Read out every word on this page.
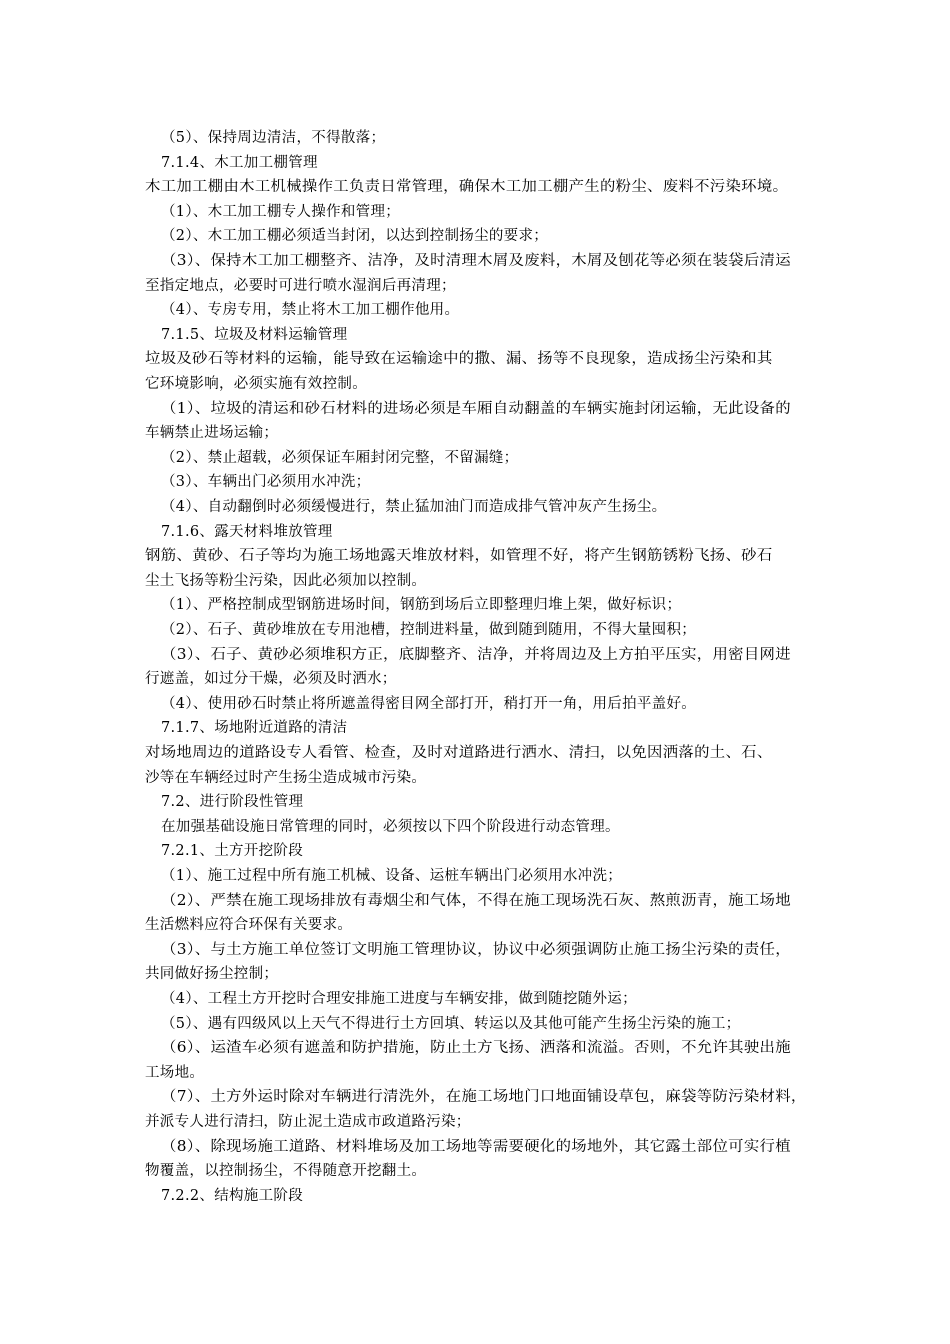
（5）、保持周边清洁，不得散落；
7.1.4、木工加工棚管理
木工加工棚由木工机械操作工负责日常管理，确保木工加工棚产生的粉尘、废料不污染环境。
（1）、木工加工棚专人操作和管理；
（2）、木工加工棚必须适当封闭，以达到控制扬尘的要求；
（3）、保持木工加工棚整齐、洁净，及时清理木屑及废料，木屑及刨花等必须在装袋后清运
至指定地点，必要时可进行喷水湿润后再清理；
（4）、专房专用，禁止将木工加工棚作他用。
7.1.5、垃圾及材料运输管理
垃圾及砂石等材料的运输，能导致在运输途中的撒、漏、扬等不良现象，造成扬尘污染和其
它环境影响，必须实施有效控制。
（1）、垃圾的清运和砂石材料的进场必须是车厢自动翻盖的车辆实施封闭运输，无此设备的
车辆禁止进场运输；
（2）、禁止超载，必须保证车厢封闭完整，不留漏缝；
（3）、车辆出门必须用水冲洗；
（4）、自动翻倒时必须缓慢进行，禁止猛加油门而造成排气管冲灰产生扬尘。
7.1.6、露天材料堆放管理
钢筋、黄砂、石子等均为施工场地露天堆放材料，如管理不好，将产生钢筋锈粉飞扬、砂石
尘土飞扬等粉尘污染，因此必须加以控制。
（1）、严格控制成型钢筋进场时间，钢筋到场后立即整理归堆上架，做好标识；
（2）、石子、黄砂堆放在专用池槽，控制进料量，做到随到随用，不得大量囤积；
（3）、石子、黄砂必须堆积方正，底脚整齐、洁净，并将周边及上方拍平压实，用密目网进
行遮盖，如过分干燥，必须及时洒水；
（4）、使用砂石时禁止将所遮盖得密目网全部打开，稍打开一角，用后拍平盖好。
7.1.7、场地附近道路的清洁
对场地周边的道路设专人看管、检查，及时对道路进行洒水、清扫，以免因洒落的土、石、
沙等在车辆经过时产生扬尘造成城市污染。
7.2、进行阶段性管理
在加强基础设施日常管理的同时，必须按以下四个阶段进行动态管理。
7.2.1、土方开挖阶段
（1）、施工过程中所有施工机械、设备、运桩车辆出门必须用水冲洗；
（2）、严禁在施工现场排放有毒烟尘和气体，不得在施工现场洗石灰、熬煎沥青，施工场地
生活燃料应符合环保有关要求。
（3）、与土方施工单位签订文明施工管理协议，协议中必须强调防止施工扬尘污染的责任，
共同做好扬尘控制；
（4）、工程土方开挖时合理安排施工进度与车辆安排，做到随挖随外运；
（5）、遇有四级风以上天气不得进行土方回填、转运以及其他可能产生扬尘污染的施工；
（6）、运渣车必须有遮盖和防护措施，防止土方飞扬、洒落和流溢。否则，不允许其驶出施
工场地。
（7）、土方外运时除对车辆进行清洗外，在施工场地门口地面铺设草包，麻袋等防污染材料，
并派专人进行清扫，防止泥土造成市政道路污染；
（8）、除现场施工道路、材料堆场及加工场地等需要硬化的场地外，其它露土部位可实行植
物覆盖，以控制扬尘，不得随意开挖翻土。
7.2.2、结构施工阶段
